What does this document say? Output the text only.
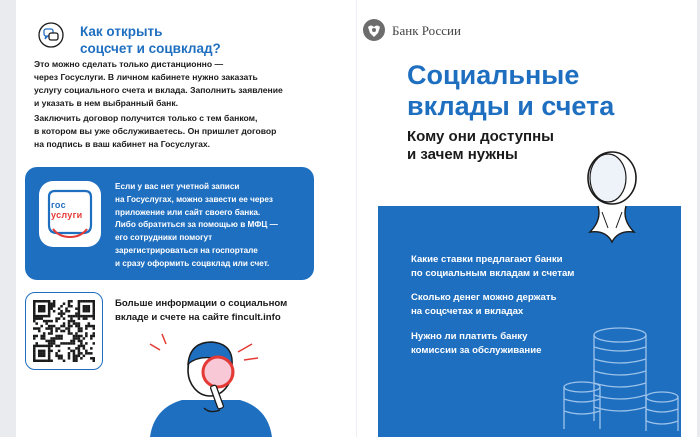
Как открыть
соцсчет и соцвклад?

Это можно сделать только дистанционно —
через Госуслуги. В личном кабинете нужно заказать
услугу социального счета и вклада. Заполнить заявление
и указать в нем выбранный банк.

Заключить договор получится только с тем банком,
в котором вы уже обслуживаетесь. Он пришлет договор
на подпись в ваш кабинет на Госуслугах.

гос
услуги

Если у вас нет учетной записи
на Госуслугах, можно завести ее через
приложение или сайт своего банка.
Либо обратиться за помощью в МФЦ —
его сотрудники помогут
зарегистрироваться на госпортале
и сразу оформить соцвклад или счет.

Больше информации о социальном
вкладе и счете на сайте fincult.info

Банк России
Социальные
вклады и счета
Кому они доступны
и зачем нужны

Какие ставки предлагают банки
по социальным вкладам и счетам

Сколько денег можно держать
на соцсчетах и вкладах

Нужно ли платить банку
комиссии за обслуживание
